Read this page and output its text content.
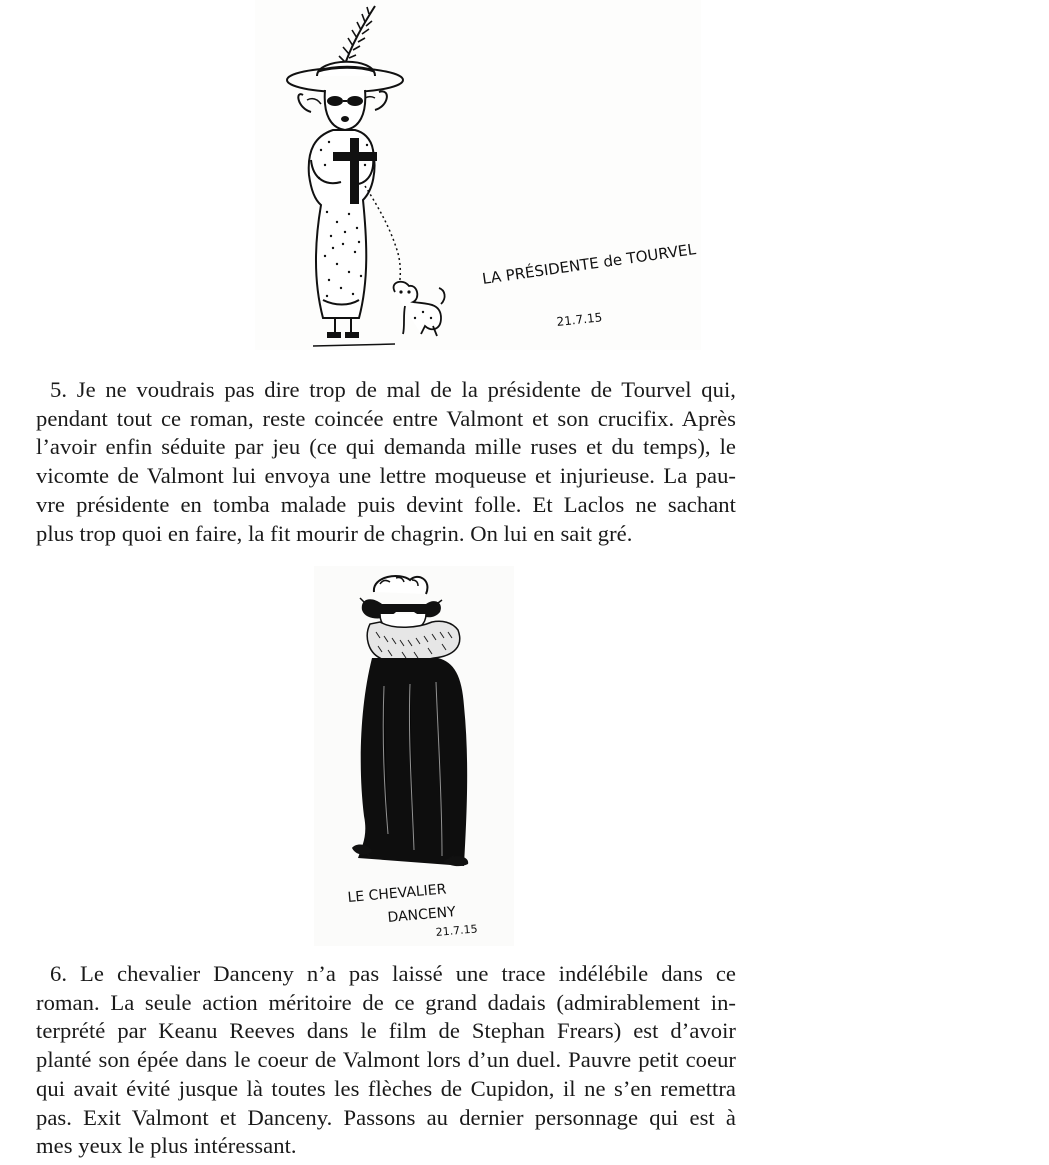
LA PRÉSIDENTE de TOURVEL
21.7.15

5. Je ne voudrais pas dire trop de mal de la présidente de Tourvel qui,
pendant tout ce roman, reste coincée entre Valmont et son crucifix. Après
l’avoir enfin séduite par jeu (ce qui demanda mille ruses et du temps), le
vicomte de Valmont lui envoya une lettre moqueuse et injurieuse. La pau-
vre présidente en tomba malade puis devint folle. Et Laclos ne sachant
plus trop quoi en faire, la fit mourir de chagrin. On lui en sait gré.

LE CHEVALIER
DANCENY
21.7.15

6. Le chevalier Danceny n’a pas laissé une trace indélébile dans ce
roman. La seule action méritoire de ce grand dadais (admirablement in-
terprété par Keanu Reeves dans le film de Stephan Frears) est d’avoir
planté son épée dans le coeur de Valmont lors d’un duel. Pauvre petit coeur
qui avait évité jusque là toutes les flèches de Cupidon, il ne s’en remettra
pas. Exit Valmont et Danceny. Passons au dernier personnage qui est à
mes yeux le plus intéressant.
